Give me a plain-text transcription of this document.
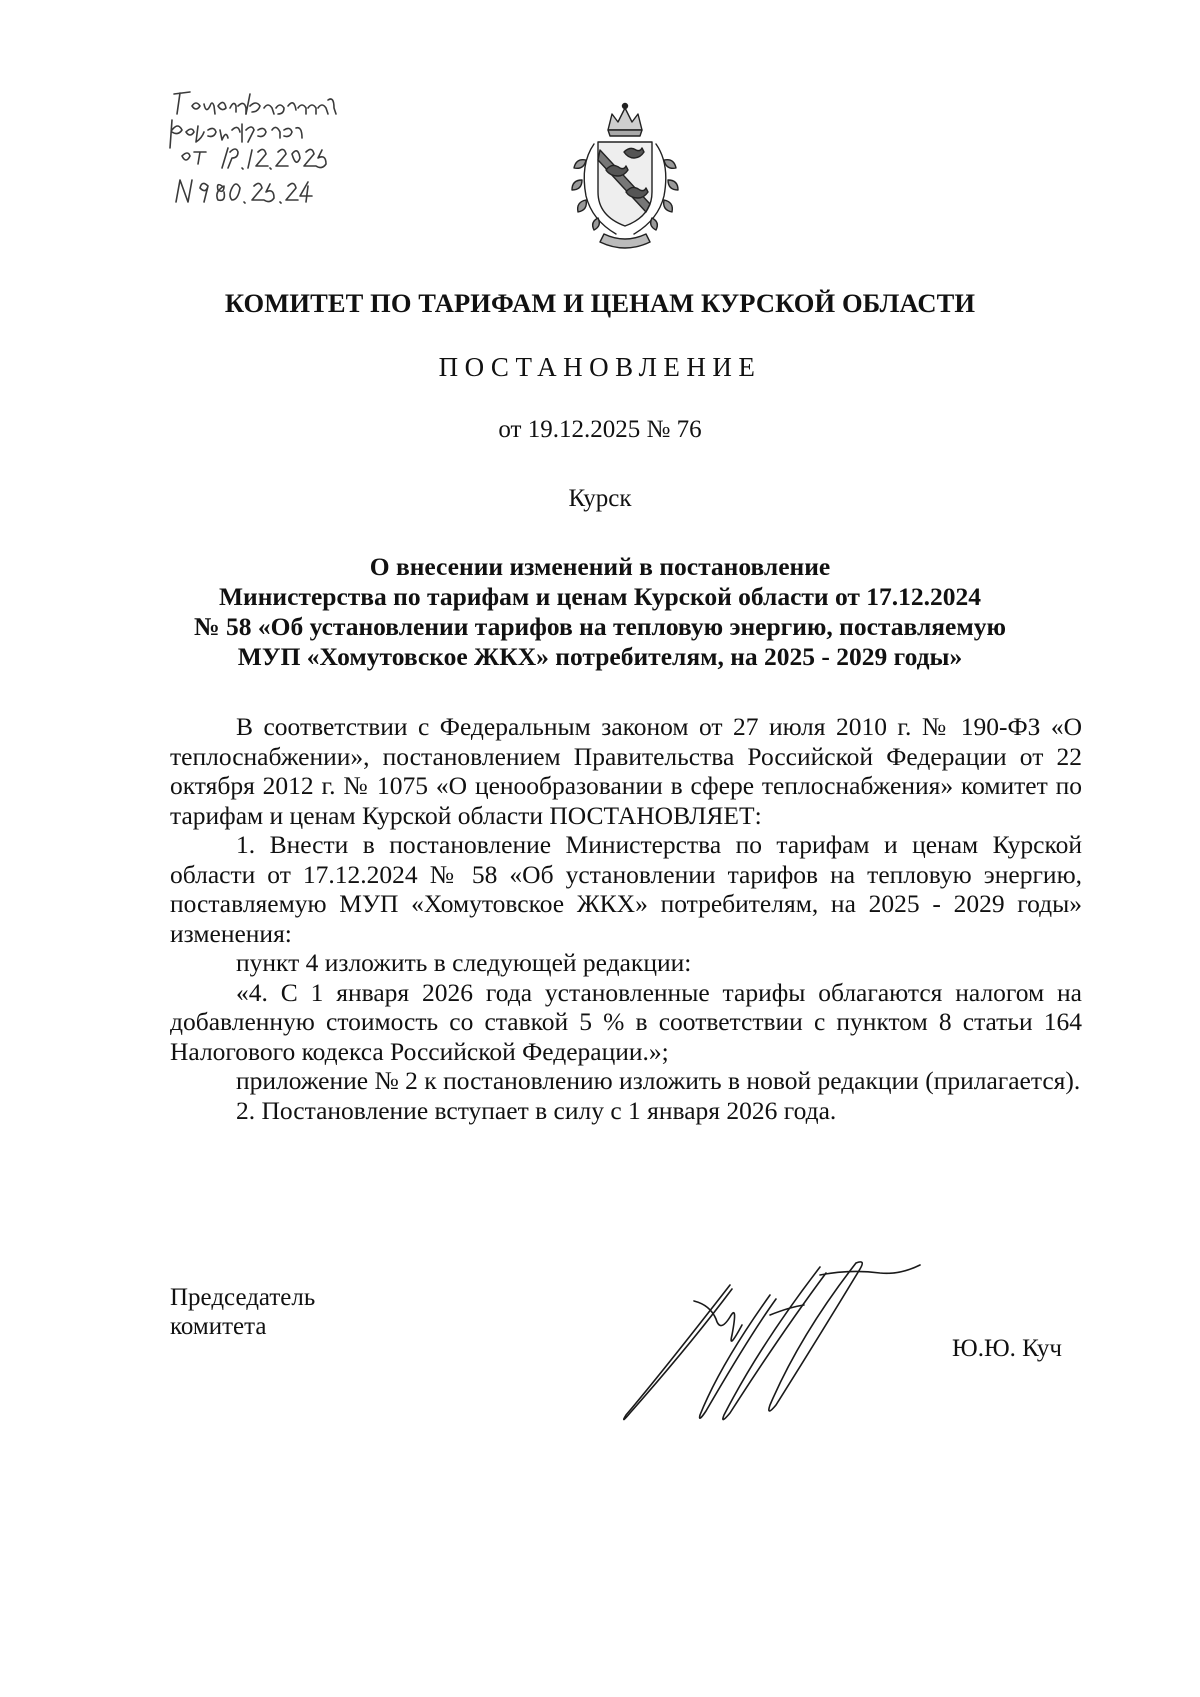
КОМИТЕТ ПО ТАРИФАМ И ЦЕНАМ КУРСКОЙ ОБЛАСТИ
ПОСТАНОВЛЕНИЕ
от 19.12.2025 № 76
Курск
О внесении изменений в постановление
Министерства по тарифам и ценам Курской области от 17.12.2024
№ 58 «Об установлении тарифов на тепловую энергию, поставляемую
МУП «Хомутовское ЖКХ» потребителям, на 2025 - 2029 годы»

В соответствии с Федеральным законом от 27 июля 2010 г. № 190-ФЗ «О теплоснабжении», постановлением Правительства Российской Федерации от 22 октября 2012 г. № 1075 «О ценообразовании в сфере теплоснабжения» комитет по тарифам и ценам Курской области ПОСТАНОВЛЯЕТ:

1. Внести в постановление Министерства по тарифам и ценам Курской области от 17.12.2024 № 58 «Об установлении тарифов на тепловую энергию, поставляемую МУП «Хомутовское ЖКХ» потребителям, на 2025 - 2029 годы» изменения:

пункт 4 изложить в следующей редакции:

«4. С 1 января 2026 года установленные тарифы облагаются налогом на добавленную стоимость со ставкой 5 % в соответствии с пунктом 8 статьи 164 Налогового кодекса Российской Федерации.»;

приложение № 2 к постановлению изложить в новой редакции (прилагается).

2. Постановление вступает в силу с 1 января 2026 года.

Председатель
комитета
Ю.Ю. Куч
